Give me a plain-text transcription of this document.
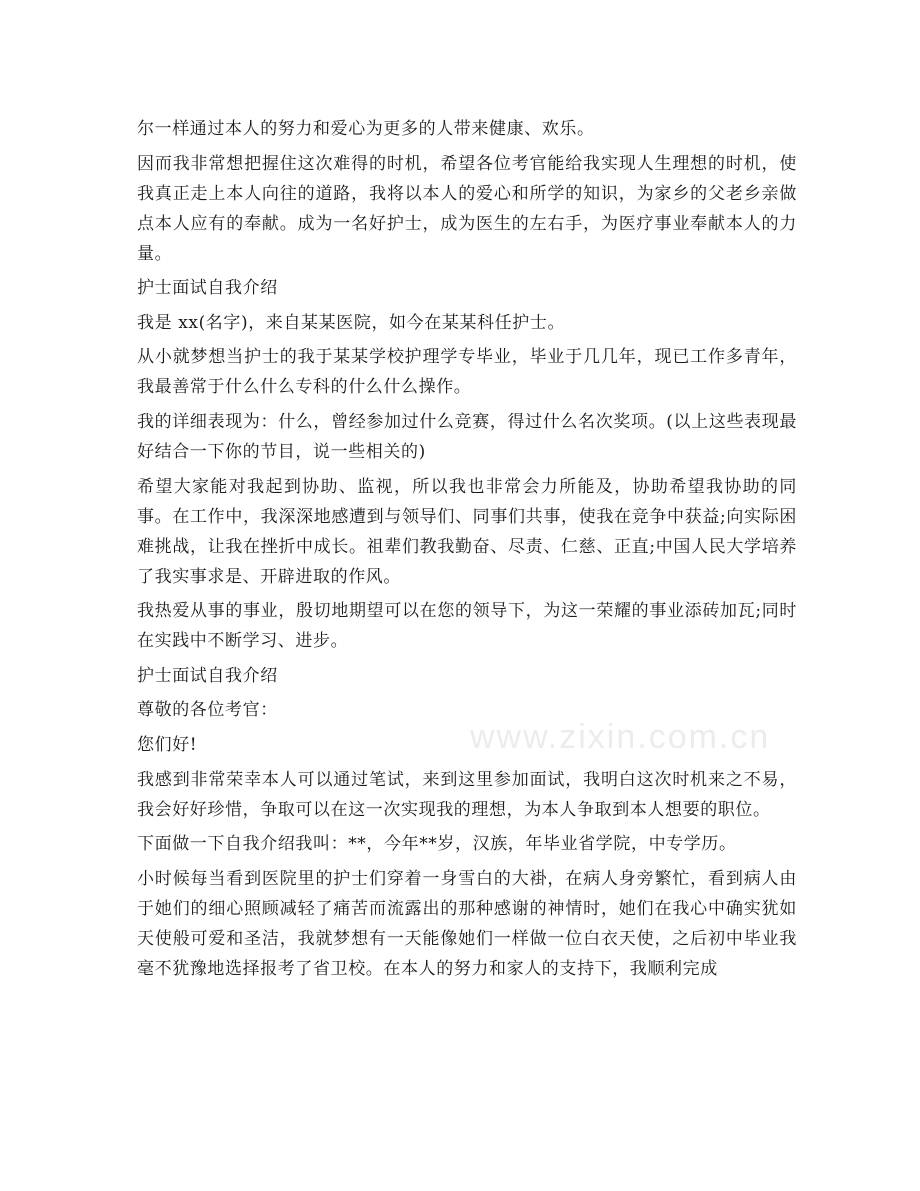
尔一样通过本人的努力和爱心为更多的人带来健康、欢乐。

因而我非常想把握住这次难得的时机，希望各位考官能给我实现人生理想的时机，使我真正走上本人向往的道路，我将以本人的爱心和所学的知识，为家乡的父老乡亲做点本人应有的奉献。成为一名好护士，成为医生的左右手，为医疗事业奉献本人的力量。

护士面试自我介绍

我是 xx(名字)，来自某某医院，如今在某某科任护士。

从小就梦想当护士的我于某某学校护理学专毕业，毕业于几几年，现已工作多青年，我最善常于什么什么专科的什么什么操作。

我的详细表现为：什么，曾经参加过什么竞赛，得过什么名次奖项。(以上这些表现最好结合一下你的节目，说一些相关的)

希望大家能对我起到协助、监视，所以我也非常会力所能及，协助希望我协助的同事。在工作中，我深深地感遭到与领导们、同事们共事，使我在竞争中获益;向实际困难挑战，让我在挫折中成长。祖辈们教我勤奋、尽责、仁慈、正直;中国人民大学培养了我实事求是、开辟进取的作风。

我热爱从事的事业，殷切地期望可以在您的领导下，为这一荣耀的事业添砖加瓦;同时在实践中不断学习、进步。

护士面试自我介绍

尊敬的各位考官：

您们好!

我感到非常荣幸本人可以通过笔试，来到这里参加面试，我明白这次时机来之不易，我会好好珍惜，争取可以在这一次实现我的理想，为本人争取到本人想要的职位。

下面做一下自我介绍我叫：**，今年**岁，汉族，年毕业省学院，中专学历。

小时候每当看到医院里的护士们穿着一身雪白的大褂，在病人身旁繁忙，看到病人由于她们的细心照顾减轻了痛苦而流露出的那种感谢的神情时，她们在我心中确实犹如天使般可爱和圣洁，我就梦想有一天能像她们一样做一位白衣天使，之后初中毕业我毫不犹豫地选择报考了省卫校。在本人的努力和家人的支持下，我顺利完成

www.zixin.com.cn
